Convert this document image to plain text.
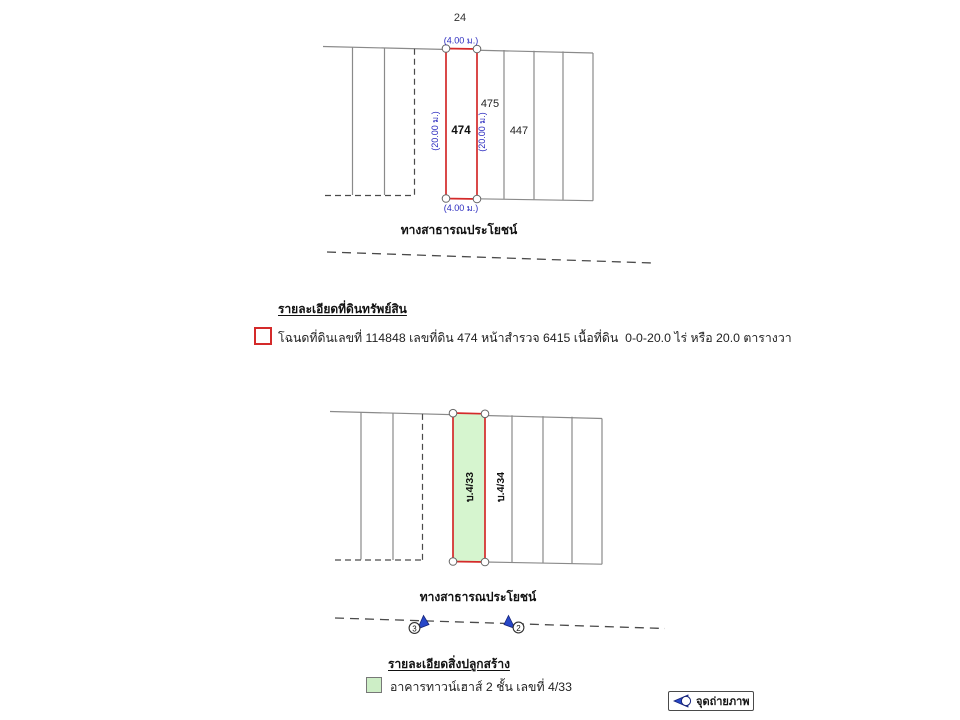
24
(4.00 ม.)
(20.00 ม.)	(20.00 ม.)
474
475
447
(4.00 ม.)
ทางสาธารณประโยชน์
บ.4/33 บ.4/34
ทางสาธารณประโยชน์
3	2
รายละเอียดที่ดินทรัพย์สิน
โฉนดที่ดินเลขที่ 114848 เลขที่ดิน 474 หน้าสำรวจ 6415 เนื้อที่ดิน  0-0-20.0 ไร่ หรือ 20.0 ตารางวา
รายละเอียดสิ่งปลูกสร้าง
อาคารทาวน์เฮาส์ 2 ชั้น เลขที่ 4/33
จุดถ่ายภาพ
